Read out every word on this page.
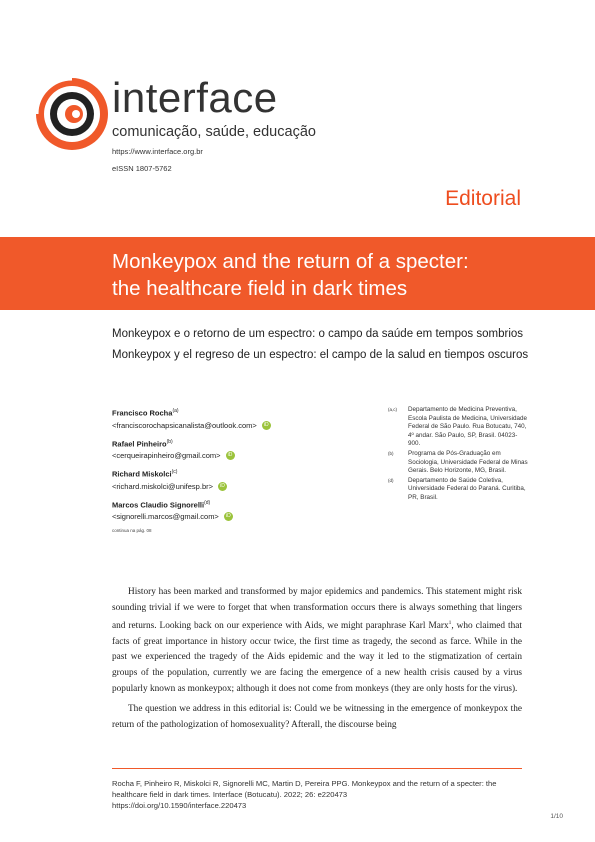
interface
comunicação, saúde, educação
https://www.interface.org.br
eISSN 1807-5762
Editorial
Monkeypox and the return of a specter:
the healthcare field in dark times
Monkeypox e o retorno de um espectro: o campo da saúde em tempos sombrios
Monkeypox y el regreso de un espectro: el campo de la salud en tiempos oscuros
Francisco Rocha$^{(a)}$
<franciscorochapsicanalista@outlook.com>	iD
Rafael Pinheiro$^{(b)}$
<cerqueirapinheiro@gmail.com>	iD
Richard Miskolci$^{(c)}$
<richard.miskolci@unifesp.br>	iD
Marcos Claudio Signorelli$^{(d)}$
<signorelli.marcos@gmail.com>	iD
continua na pág. 08
(a,c)	Departamento de Medicina Preventiva, Escola Paulista de Medicina, Universidade Federal de São Paulo. Rua Botucatu, 740, 4º andar. São Paulo, SP, Brasil. 04023-900.
(b)	Programa de Pós-Graduação em Sociologia, Universidade Federal de Minas Gerais. Belo Horizonte, MG, Brasil.
(d)	Departamento de Saúde Coletiva, Universidade Federal do Paraná. Curitiba, PR, Brasil.

History has been marked and transformed by major epidemics and pandemics. This statement might risk sounding trivial if we were to forget that when transformation occurs there is always something that lingers and returns. Looking back on our experience with Aids, we might paraphrase Karl Marx$^1$, who claimed that facts of great importance in history occur twice, the first time as tragedy, the second as farce. While in the past we experienced the tragedy of the Aids epidemic and the way it led to the stigmatization of certain groups of the population, currently we are facing the emergence of a new health crisis caused by a virus popularly known as monkeypox; although it does not come from monkeys (they are only hosts for the virus).

The question we address in this editorial is: Could we be witnessing in the emergence of monkeypox the return of the pathologization of homosexuality? Afterall, the discourse being

Rocha F, Pinheiro R, Miskolci R, Signorelli MC, Martin D, Pereira PPG. Monkeypox and the return of a specter: the healthcare field in dark times. Interface (Botucatu). 2022; 26: e220473
https://doi.org/10.1590/interface.220473
1/10
